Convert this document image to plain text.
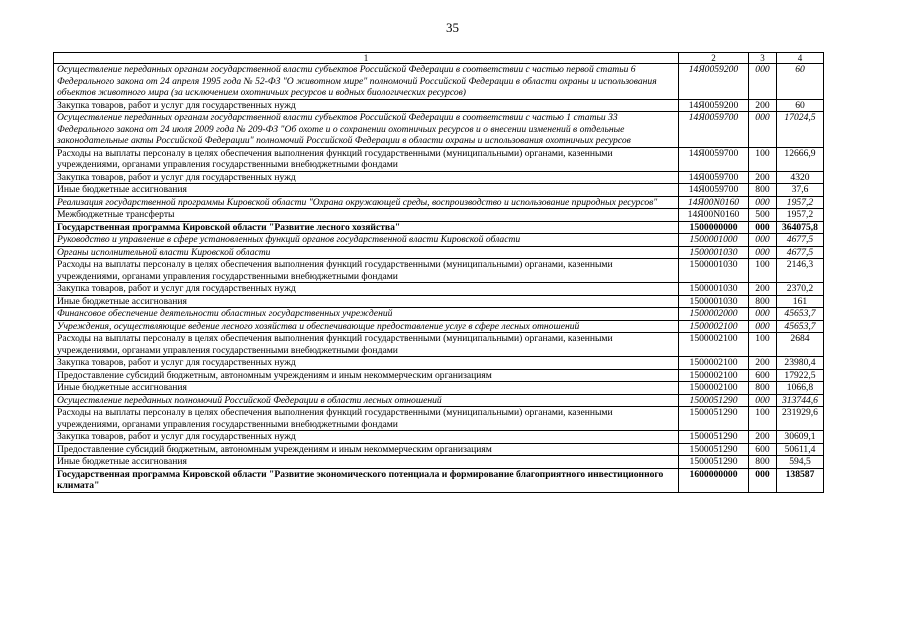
35
1	2	3	4
Осуществление переданных органам государственной власти субъектов Российской Федерации в соответствии с частью первой статьи 6 Федерального закона от 24 апреля 1995 года № 52-ФЗ "О животном мире" полномочий Российской Федерации в области охраны и использования объектов животного мира (за исключением охотничьих ресурсов и водных биологических ресурсов)	14Я0059200	000	60
Закупка товаров, работ и услуг для государственных нужд	14Я0059200	200	60
Осуществление переданных органам государственной власти субъектов Российской Федерации в соответствии с частью 1 статьи 33 Федерального закона от 24 июля 2009 года № 209-ФЗ "Об охоте и о сохранении охотничьих ресурсов и о внесении изменений в отдельные законодательные акты Российской Федерации" полномочий Российской Федерации в области охраны и использования охотничьих ресурсов	14Я0059700	000	17024,5
Расходы на выплаты персоналу в целях обеспечения выполнения функций государственными (муниципальными) органами, казенными учреждениями, органами управления государственными внебюджетными фондами	14Я0059700	100	12666,9
Закупка товаров, работ и услуг для государственных нужд	14Я0059700	200	4320
Иные бюджетные ассигнования	14Я0059700	800	37,6
Реализация государственной программы Кировской области "Охрана окружающей среды, воспроизводство и использование природных ресурсов"	14Я00N0160	000	1957,2
Межбюджетные трансферты	14Я00N0160	500	1957,2
Государственная программа Кировской области "Развитие лесного хозяйства"	1500000000	000	364075,8
Руководство и управление в сфере установленных функций органов государственной власти Кировской области	1500001000	000	4677,5
Органы исполнительной власти Кировской области	1500001030	000	4677,5
Расходы на выплаты персоналу в целях обеспечения выполнения функций государственными (муниципальными) органами, казенными учреждениями, органами управления государственными внебюджетными фондами	1500001030	100	2146,3
Закупка товаров, работ и услуг для государственных нужд	1500001030	200	2370,2
Иные бюджетные ассигнования	1500001030	800	161
Финансовое обеспечение деятельности областных государственных учреждений	1500002000	000	45653,7
Учреждения, осуществляющие ведение лесного хозяйства и обеспечивающие предоставление услуг в сфере лесных отношений	1500002100	000	45653,7
Расходы на выплаты персоналу в целях обеспечения выполнения функций государственными (муниципальными) органами, казенными учреждениями, органами управления государственными внебюджетными фондами	1500002100	100	2684
Закупка товаров, работ и услуг для государственных нужд	1500002100	200	23980,4
Предоставление субсидий бюджетным, автономным учреждениям и иным некоммерческим организациям	1500002100	600	17922,5
Иные бюджетные ассигнования	1500002100	800	1066,8
Осуществление переданных полномочий Российской Федерации в области лесных отношений	1500051290	000	313744,6
Расходы на выплаты персоналу в целях обеспечения выполнения функций государственными (муниципальными) органами, казенными учреждениями, органами управления государственными внебюджетными фондами	1500051290	100	231929,6
Закупка товаров, работ и услуг для государственных нужд	1500051290	200	30609,1
Предоставление субсидий бюджетным, автономным учреждениям и иным некоммерческим организациям	1500051290	600	50611,4
Иные бюджетные ассигнования	1500051290	800	594,5
Государственная программа Кировской области "Развитие экономического потенциала и формирование благоприятного инвестиционного климата"	1600000000	000	138587
